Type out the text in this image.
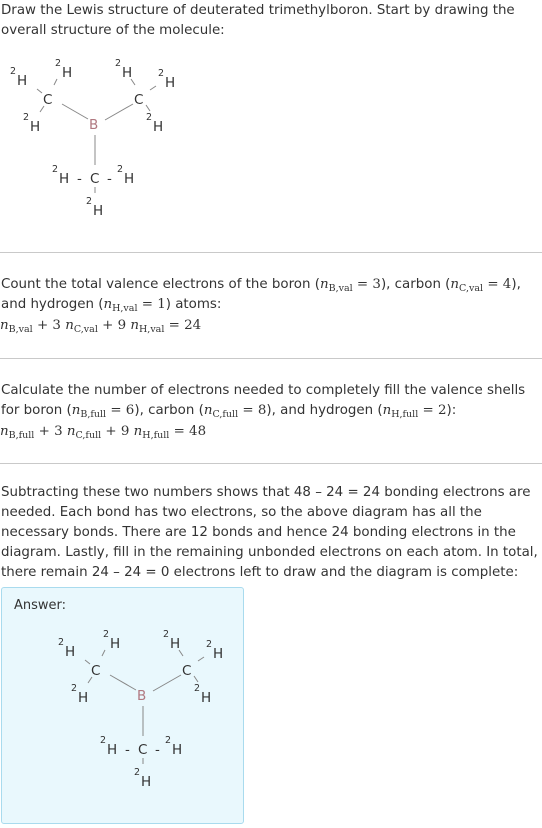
Draw the Lewis structure of deuterated trimethylboron. Start by drawing the overall structure of the molecule:

2
H
2
H
C
2
H
2
H
C
2
H
2
H
B
2
H - C -
2
H
2
H

Count the total valence electrons of the boron $(n_{B,val} = 3)$, carbon $(n_{C,val} = 4)$, and hydrogen $(n_{H,val} = 1)$ atoms:

$n_{B,val} + 3$ $n_{C,val} + 9$ $n_{H,val} = 24$

Calculate the number of electrons needed to completely fill the valence shells for boron $(n_{B,full} = 6)$, carbon $(n_{C,full} = 8)$, and hydrogen $(n_{H,full} = 2)$:

$n_{B,full} + 3$ $n_{C,full} + 9$ $n_{H,full} = 48$

Subtracting these two numbers shows that 48 – 24 = 24 bonding electrons are needed. Each bond has two electrons, so the above diagram has all the necessary bonds. There are 12 bonds and hence 24 bonding electrons in the diagram. Lastly, fill in the remaining unbonded electrons on each atom. In total, there remain 24 – 24 = 0 electrons left to draw and the diagram is complete:

Answer:
2
H
2
H
C
2
H
2
H
C
2
H
2
H
B
2
H - C -
2
H
2
H
